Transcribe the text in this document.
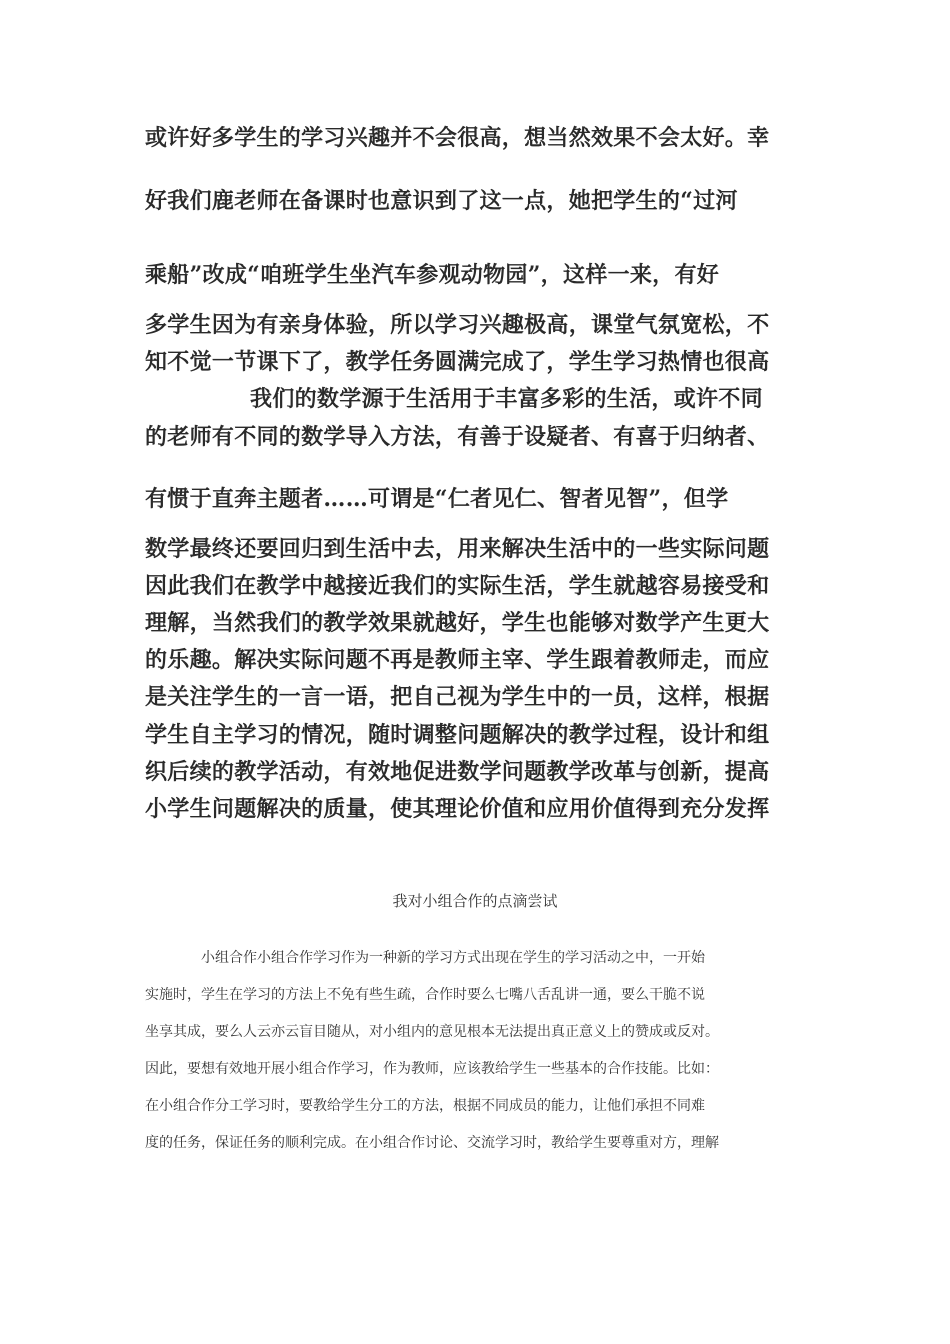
或许好多学生的学习兴趣并不会很高，想当然效果不会太好。幸

好我们鹿老师在备课时也意识到了这一点，她把学生的“过河

乘船”改成“咱班学生坐汽车参观动物园”，这样一来，有好

多学生因为有亲身体验，所以学习兴趣极高，课堂气氛宽松，不

知不觉一节课下了，教学任务圆满完成了，学生学习热情也很高

我们的数学源于生活用于丰富多彩的生活，或许不同

的老师有不同的数学导入方法，有善于设疑者、有喜于归纳者、

有惯于直奔主题者……可谓是“仁者见仁、智者见智”，但学

数学最终还要回归到生活中去，用来解决生活中的一些实际问题

因此我们在教学中越接近我们的实际生活，学生就越容易接受和

理解，当然我们的教学效果就越好，学生也能够对数学产生更大

的乐趣。解决实际问题不再是教师主宰、学生跟着教师走，而应

是关注学生的一言一语，把自己视为学生中的一员，这样，根据

学生自主学习的情况，随时调整问题解决的教学过程，设计和组

织后续的教学活动，有效地促进数学问题教学改革与创新，提高

小学生问题解决的质量，使其理论价值和应用价值得到充分发挥

我对小组合作的点滴尝试

小组合作小组合作学习作为一种新的学习方式出现在学生的学习活动之中，一开始

实施时，学生在学习的方法上不免有些生疏，合作时要么七嘴八舌乱讲一通，要么干脆不说

坐享其成，要么人云亦云盲目随从，对小组内的意见根本无法提出真正意义上的赞成或反对。

因此，要想有效地开展小组合作学习，作为教师，应该教给学生一些基本的合作技能。比如：

在小组合作分工学习时，要教给学生分工的方法，根据不同成员的能力，让他们承担不同难

度的任务，保证任务的顺利完成。在小组合作讨论、交流学习时，教给学生要尊重对方，理解
